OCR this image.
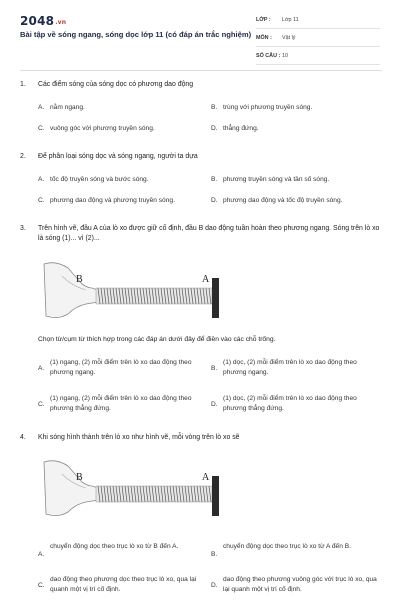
2048.vn
Bài tập về sóng ngang, sóng dọc lớp 11 (có đáp án trắc nghiệm)
LỚP : Lớp 11
MÔN : Vật lý
SỐ CÂU : 10
1. Các điểm sóng của sóng dọc có phương dao động
A. nằm ngang.	B. trùng với phương truyền sóng.
C. vuông góc với phương truyền sóng.	D. thẳng đứng.
2. Để phân loại sóng dọc và sóng ngang, người ta dựa
A. tốc độ truyền sóng và bước sóng.	B. phương truyền sóng và tần số sóng.
C. phương dao động và phương truyền sóng.	D. phương dao động và tốc độ truyền sóng.
3. Trên hình vẽ, đầu A của lò xo được giữ cố định, đầu B dao động tuần hoàn theo phương ngang. Sóng trên lò xo là sóng (1)... vì (2)...
B	A
Chọn từ/cụm từ thích hợp trong các đáp án dưới đây để điền vào các chỗ trống.
A.
(1) ngang, (2) mỗi điểm trên lò xo dao động theo phương ngang.
B.
(1) dọc, (2) mỗi điểm trên lò xo dao động theo phương ngang.
C.
(1) ngang, (2) mỗi điểm trên lò xo dao động theo phương thẳng đứng.
D.
(1) dọc, (2) mỗi điểm trên lò xo dao động theo phương thẳng đứng.
4. Khi sóng hình thành trên lò xo như hình vẽ, mỗi vòng trên lò xo sẽ
B	A
A.
chuyển động dọc theo trục lò xo từ B đến A.
B.
chuyển động dọc theo trục lò xo từ A đến B.
C.
dao động theo phương dọc theo trục lò xo, qua lại quanh một vị trí cố định.
D.
dao động theo phương vuông góc với trục lò xo, qua lại quanh một vị trí cố định.
